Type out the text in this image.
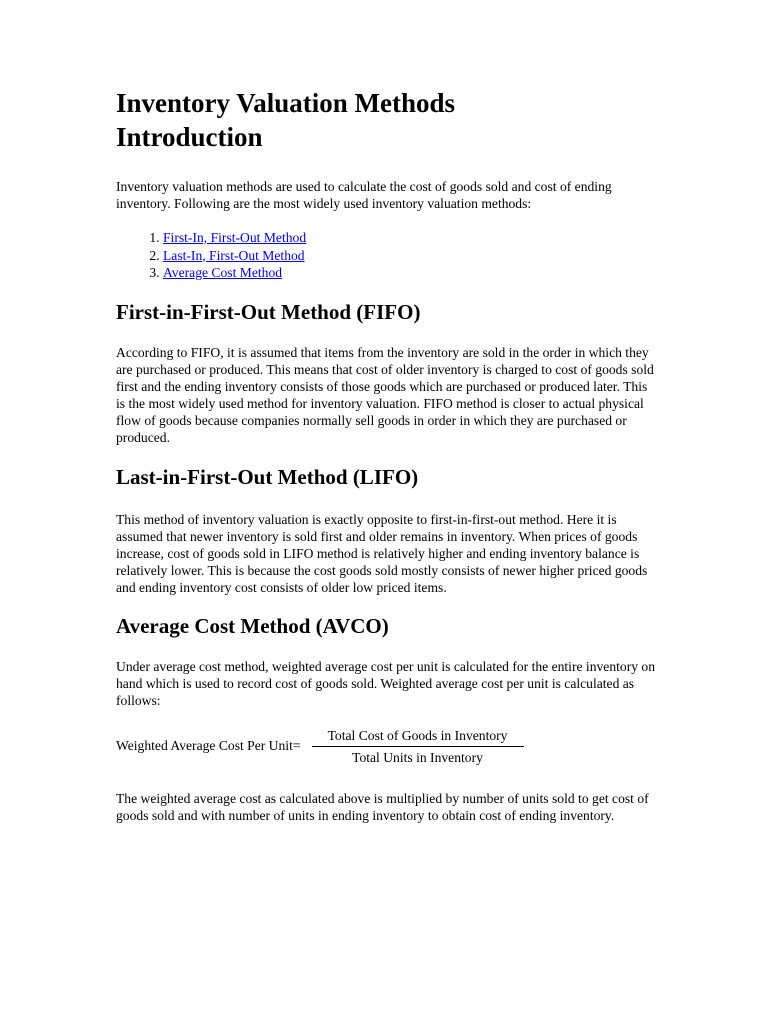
Inventory Valuation Methods
Introduction

Inventory valuation methods are used to calculate the cost of goods sold and cost of ending inventory. Following are the most widely used inventory valuation methods:

1. First-In, First-Out Method
2. Last-In, First-Out Method
3. Average Cost Method
First-in-First-Out Method (FIFO)

According to FIFO, it is assumed that items from the inventory are sold in the order in which they are purchased or produced. This means that cost of older inventory is charged to cost of goods sold first and the ending inventory consists of those goods which are purchased or produced later. This is the most widely used method for inventory valuation. FIFO method is closer to actual physical flow of goods because companies normally sell goods in order in which they are purchased or produced.

Last-in-First-Out Method (LIFO)

This method of inventory valuation is exactly opposite to first-in-first-out method. Here it is assumed that newer inventory is sold first and older remains in inventory. When prices of goods increase, cost of goods sold in LIFO method is relatively higher and ending inventory balance is relatively lower. This is because the cost goods sold mostly consists of newer higher priced goods and ending inventory cost consists of older low priced items.

Average Cost Method (AVCO)

Under average cost method, weighted average cost per unit is calculated for the entire inventory on hand which is used to record cost of goods sold. Weighted average cost per unit is calculated as follows:

Weighted Average Cost Per Unit= $\frac{\text{Total Cost of Goods in Inventory}}{\text{Total Units in Inventory}}$

The weighted average cost as calculated above is multiplied by number of units sold to get cost of goods sold and with number of units in ending inventory to obtain cost of ending inventory.
